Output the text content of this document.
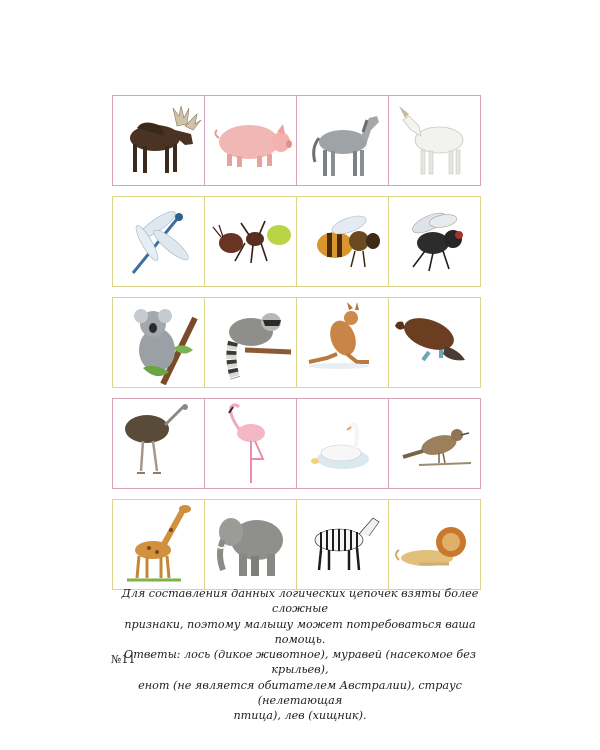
Для составления данных логических цепочек взяты более сложные

признаки, поэтому малышу может потребоваться ваша помощь.

Ответы: лось (дикое животное), муравей (насекомое без крыльев),

енот (не является обитателем Австралии), страус (нелетающая

птица), лев (хищник).

№11
